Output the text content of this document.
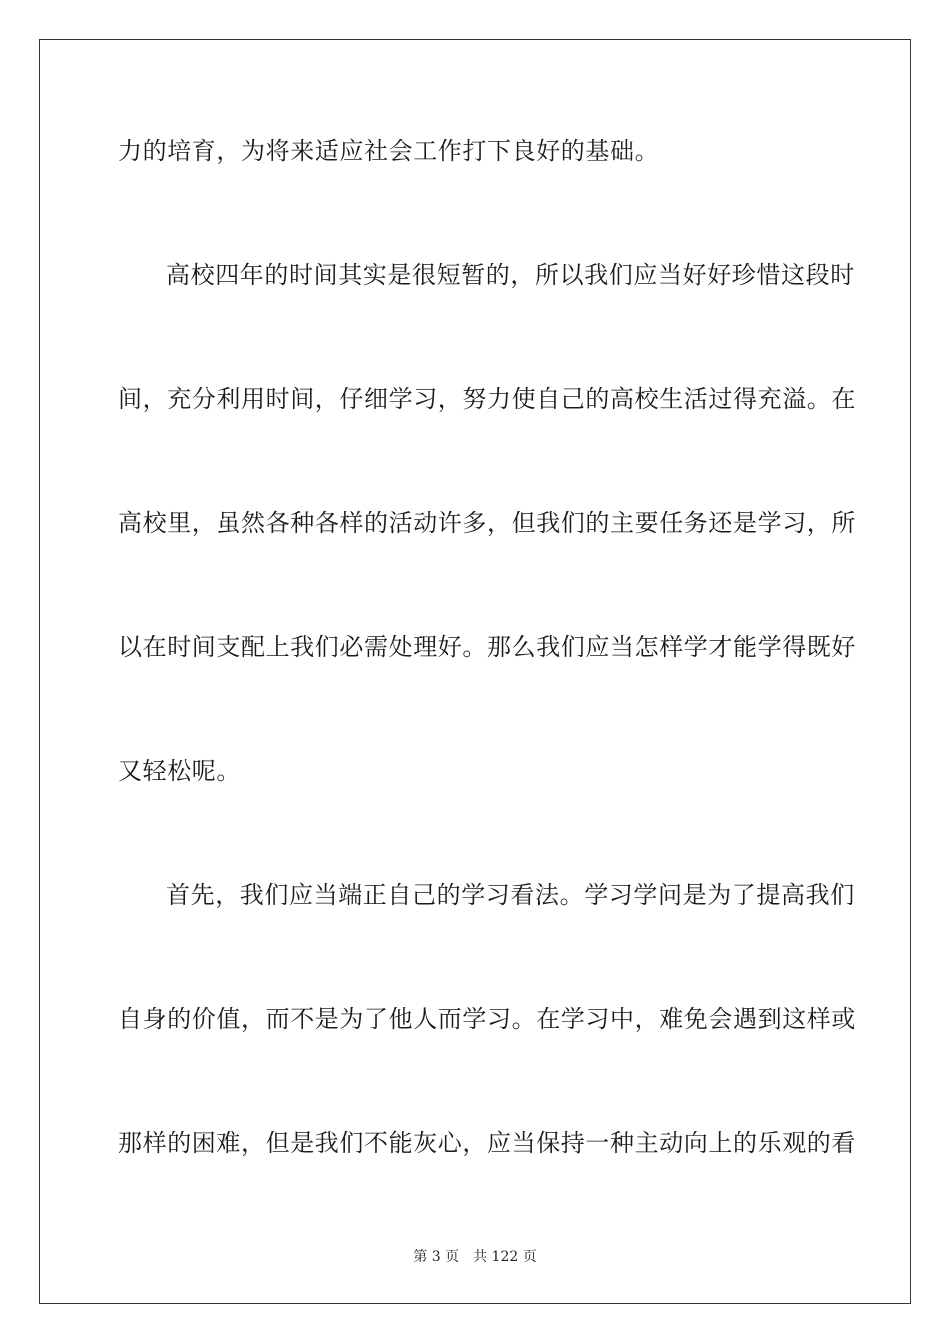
力的培育，为将来适应社会工作打下良好的基础。
高校四年的时间其实是很短暂的，所以我们应当好好珍惜这段时
间，充分利用时间，仔细学习，努力使自己的高校生活过得充溢。在
高校里，虽然各种各样的活动许多，但我们的主要任务还是学习，所
以在时间支配上我们必需处理好。那么我们应当怎样学才能学得既好
又轻松呢。
首先，我们应当端正自己的学习看法。学习学问是为了提高我们
自身的价值，而不是为了他人而学习。在学习中，难免会遇到这样或
那样的困难，但是我们不能灰心，应当保持一种主动向上的乐观的看
第 3 页 共 122 页
